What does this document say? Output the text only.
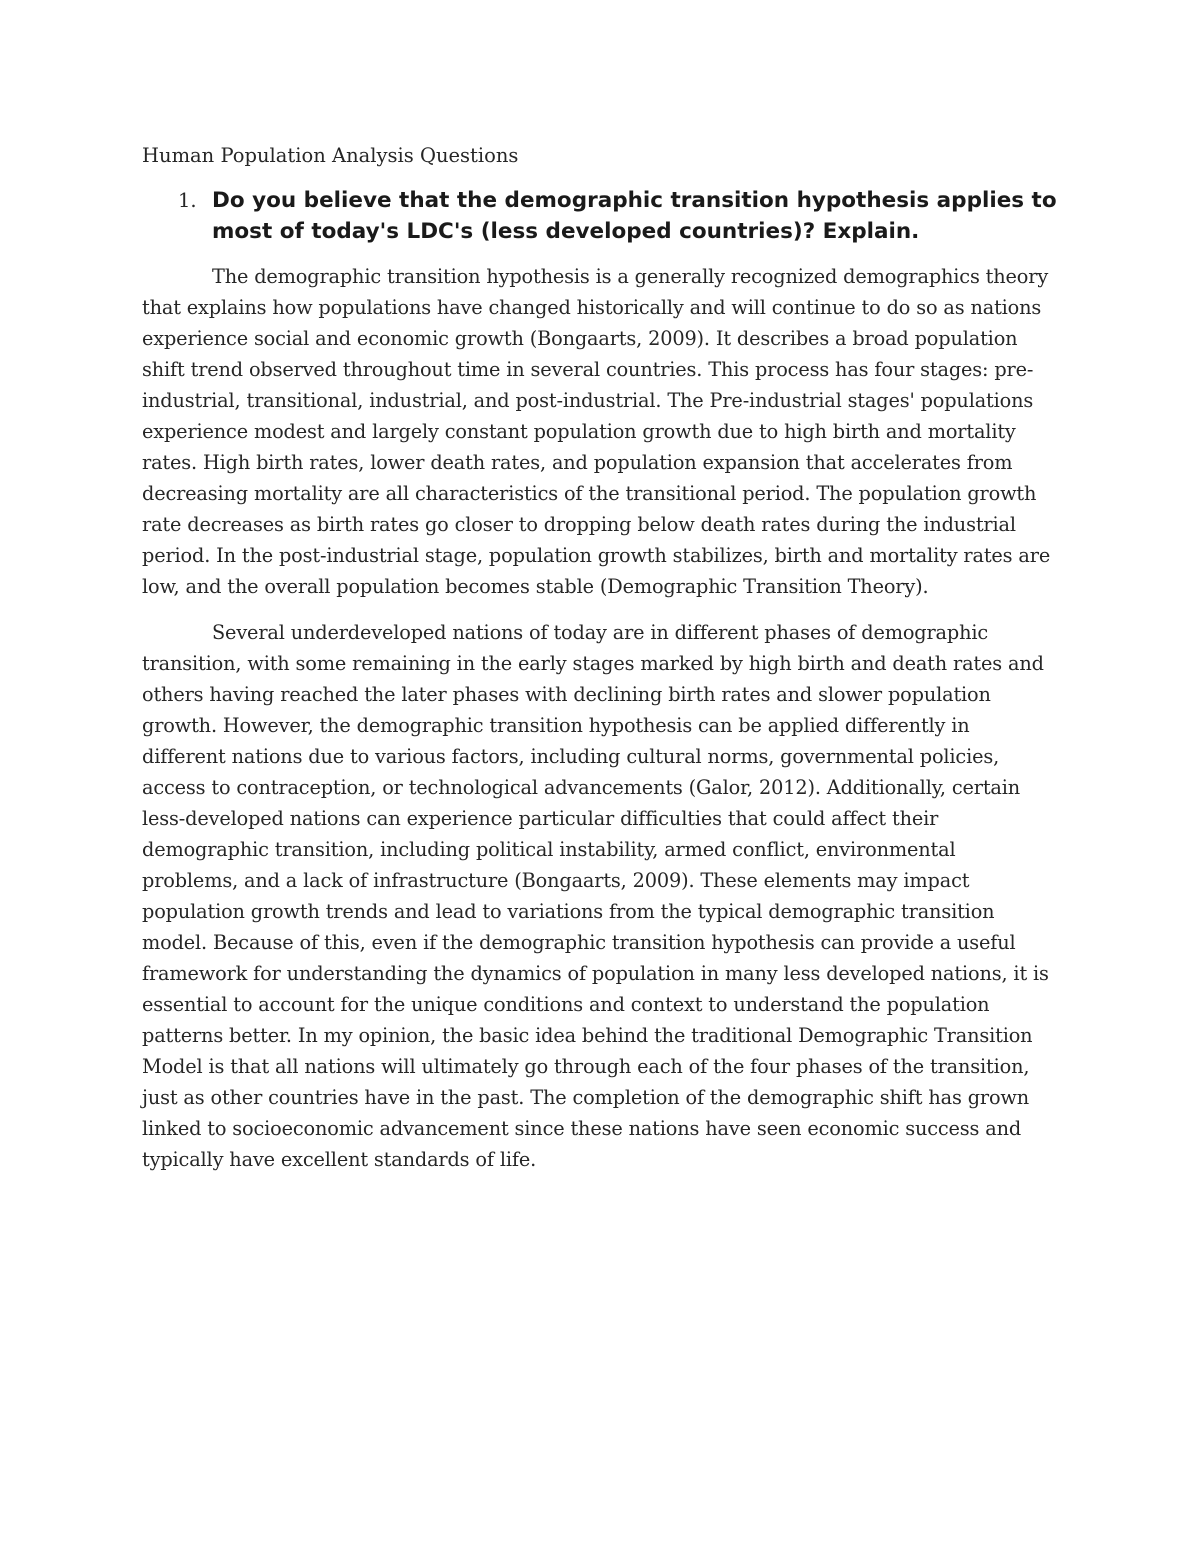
Human Population Analysis Questions
1. Do you believe that the demographic transition hypothesis applies to most of today's LDC's (less developed countries)? Explain.

The demographic transition hypothesis is a generally recognized demographics theory that explains how populations have changed historically and will continue to do so as nations experience social and economic growth (Bongaarts, 2009). It describes a broad population shift trend observed throughout time in several countries. This process has four stages: pre-industrial, transitional, industrial, and post-industrial. The Pre-industrial stages' populations experience modest and largely constant population growth due to high birth and mortality rates. High birth rates, lower death rates, and population expansion that accelerates from decreasing mortality are all characteristics of the transitional period. The population growth rate decreases as birth rates go closer to dropping below death rates during the industrial period. In the post-industrial stage, population growth stabilizes, birth and mortality rates are low, and the overall population becomes stable (Demographic Transition Theory).

Several underdeveloped nations of today are in different phases of demographic transition, with some remaining in the early stages marked by high birth and death rates and others having reached the later phases with declining birth rates and slower population growth. However, the demographic transition hypothesis can be applied differently in different nations due to various factors, including cultural norms, governmental policies, access to contraception, or technological advancements (Galor, 2012). Additionally, certain less-developed nations can experience particular difficulties that could affect their demographic transition, including political instability, armed conflict, environmental problems, and a lack of infrastructure (Bongaarts, 2009). These elements may impact population growth trends and lead to variations from the typical demographic transition model. Because of this, even if the demographic transition hypothesis can provide a useful framework for understanding the dynamics of population in many less developed nations, it is essential to account for the unique conditions and context to understand the population patterns better. In my opinion, the basic idea behind the traditional Demographic Transition Model is that all nations will ultimately go through each of the four phases of the transition, just as other countries have in the past. The completion of the demographic shift has grown linked to socioeconomic advancement since these nations have seen economic success and typically have excellent standards of life.
